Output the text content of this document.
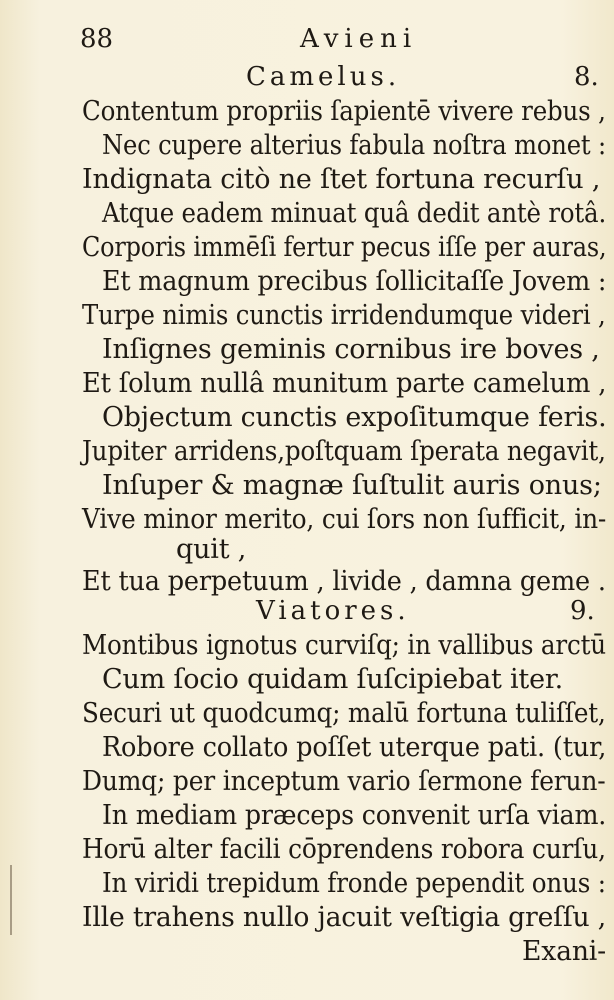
88	Avieni
Camelus.	8.
Contentum propriis ſapientē vivere rebus ,
Nec cupere alterius fabula noſtra monet :
Indignata citò ne ſtet fortuna recurſu ,
Atque eadem minuat quâ dedit antè rotâ.
Corporis immēſi fertur pecus iſſe per auras,
Et magnum precibus ſollicitaſſe Jovem :
Turpe nimis cunctis irridendumque videri ,
Inſignes geminis cornibus ire boves ,
Et ſolum nullâ munitum parte camelum ,
Objectum cunctis expoſitumque feris.
Jupiter arridens,poſtquam ſperata negavit,
Inſuper & magnæ ſuſtulit auris onus;
Vive minor merito, cui ſors non ſufficit, in-
quit ,
Et tua perpetuum , livide , damna geme .
Viatores.	9.
Montibus ignotus curviſq; in vallibus arctū
Cum ſocio quidam ſuſcipiebat iter.
Securi ut quodcumq; malū fortuna tuliſſet,
Robore collato poſſet uterque pati. (tur,
Dumq; per inceptum vario ſermone ferun-
In mediam præceps convenit urſa viam.
Horū alter facili cōprendens robora curſu,
In viridi trepidum fronde pependit onus :
Ille trahens nullo jacuit veſtigia greſſu ,
Exani-
